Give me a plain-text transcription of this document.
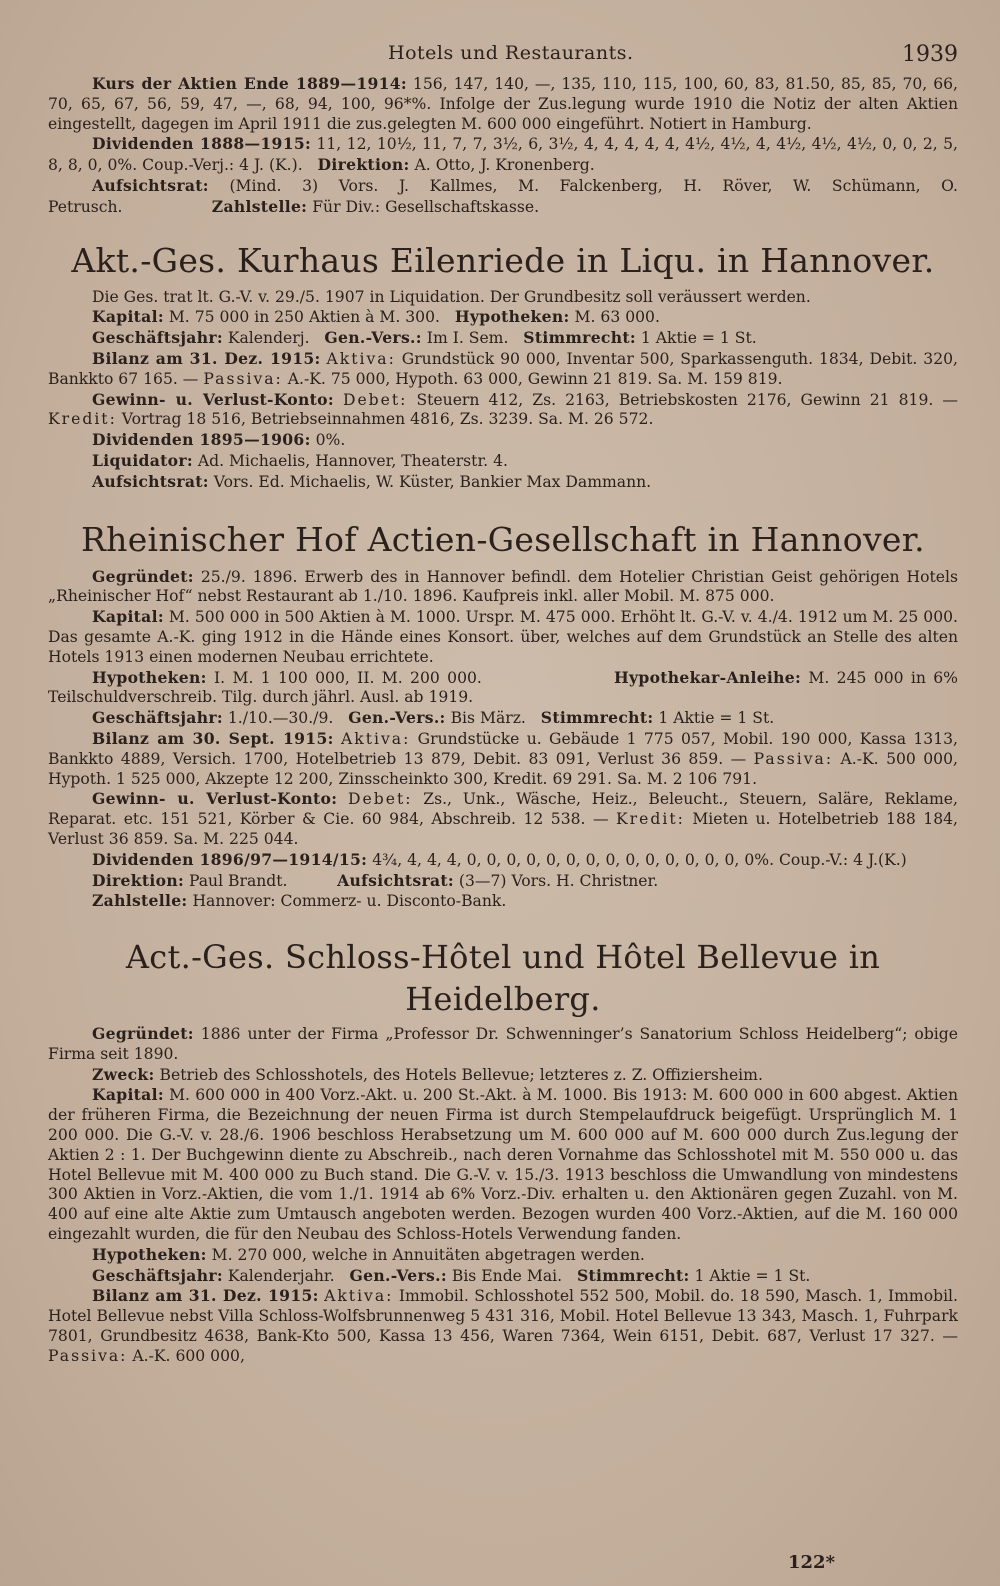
Hotels und Restaurants.	1939

Kurs der Aktien Ende 1889—1914: 156, 147, 140, —, 135, 110, 115, 100, 60, 83, 81.50, 85, 85, 70, 66, 70, 65, 67, 56, 59, 47, —, 68, 94, 100, 96*%. Infolge der Zus.legung wurde 1910 die Notiz der alten Aktien eingestellt, dagegen im April 1911 die zus.gelegten M. 600 000 eingeführt. Notiert in Hamburg.

Dividenden 1888—1915: 11, 12, 10½, 11, 7, 7, 3½, 6, 3½, 4, 4, 4, 4, 4, 4½, 4½, 4, 4½, 4½, 4½, 0, 0, 2, 5, 8, 8, 0, 0%. Coup.-Verj.: 4 J. (K.). Direktion: A. Otto, J. Kronenberg.

Aufsichtsrat: (Mind. 3) Vors. J. Kallmes, M. Falckenberg, H. Röver, W. Schümann, O. Petrusch.	Zahlstelle: Für Div.: Gesellschaftskasse.

Akt.-Ges. Kurhaus Eilenriede in Liqu. in Hannover.

Die Ges. trat lt. G.-V. v. 29./5. 1907 in Liquidation. Der Grundbesitz soll veräussert werden.

Kapital: M. 75 000 in 250 Aktien à M. 300. Hypotheken: M. 63 000.

Geschäftsjahr: Kalenderj. Gen.-Vers.: Im I. Sem. Stimmrecht: 1 Aktie = 1 St.

Bilanz am 31. Dez. 1915: Aktiva: Grundstück 90 000, Inventar 500, Sparkassenguth. 1834, Debit. 320, Bankkto 67 165. — Passiva: A.-K. 75 000, Hypoth. 63 000, Gewinn 21 819. Sa. M. 159 819.

Gewinn- u. Verlust-Konto: Debet: Steuern 412, Zs. 2163, Betriebskosten 2176, Gewinn 21 819. — Kredit: Vortrag 18 516, Betriebseinnahmen 4816, Zs. 3239. Sa. M. 26 572.

Dividenden 1895—1906: 0%.

Liquidator: Ad. Michaelis, Hannover, Theaterstr. 4.

Aufsichtsrat: Vors. Ed. Michaelis, W. Küster, Bankier Max Dammann.

Rheinischer Hof Actien-Gesellschaft in Hannover.

Gegründet: 25./9. 1896. Erwerb des in Hannover befindl. dem Hotelier Christian Geist gehörigen Hotels „Rheinischer Hof“ nebst Restaurant ab 1./10. 1896. Kaufpreis inkl. aller Mobil. M. 875 000.

Kapital: M. 500 000 in 500 Aktien à M. 1000. Urspr. M. 475 000. Erhöht lt. G.-V. v. 4./4. 1912 um M. 25 000. Das gesamte A.-K. ging 1912 in die Hände eines Konsort. über, welches auf dem Grundstück an Stelle des alten Hotels 1913 einen modernen Neubau errichtete.

Hypotheken: I. M. 1 100 000, II. M. 200 000.	Hypothekar-Anleihe: M. 245 000 in 6% Teilschuldverschreib. Tilg. durch jährl. Ausl. ab 1919.

Geschäftsjahr: 1./10.—30./9. Gen.-Vers.: Bis März. Stimmrecht: 1 Aktie = 1 St.

Bilanz am 30. Sept. 1915: Aktiva: Grundstücke u. Gebäude 1 775 057, Mobil. 190 000, Kassa 1313, Bankkto 4889, Versich. 1700, Hotelbetrieb 13 879, Debit. 83 091, Verlust 36 859. — Passiva: A.-K. 500 000, Hypoth. 1 525 000, Akzepte 12 200, Zinsscheinkto 300, Kredit. 69 291. Sa. M. 2 106 791.

Gewinn- u. Verlust-Konto: Debet: Zs., Unk., Wäsche, Heiz., Beleucht., Steuern, Saläre, Reklame, Reparat. etc. 151 521, Körber & Cie. 60 984, Abschreib. 12 538. — Kredit: Mieten u. Hotelbetrieb 188 184, Verlust 36 859. Sa. M. 225 044.

Dividenden 1896/97—1914/15: 4¾, 4, 4, 4, 0, 0, 0, 0, 0, 0, 0, 0, 0, 0, 0, 0, 0, 0, 0%. Coup.-V.: 4 J.(K.)

Direktion: Paul Brandt.	Aufsichtsrat: (3—7) Vors. H. Christner.

Zahlstelle: Hannover: Commerz- u. Disconto-Bank.

Act.-Ges. Schloss-Hôtel und Hôtel Bellevue in Heidelberg.

Gegründet: 1886 unter der Firma „Professor Dr. Schwenninger’s Sanatorium Schloss Heidelberg“; obige Firma seit 1890.

Zweck: Betrieb des Schlosshotels, des Hotels Bellevue; letzteres z. Z. Offiziersheim.

Kapital: M. 600 000 in 400 Vorz.-Akt. u. 200 St.-Akt. à M. 1000. Bis 1913: M. 600 000 in 600 abgest. Aktien der früheren Firma, die Bezeichnung der neuen Firma ist durch Stempelaufdruck beigefügt. Ursprünglich M. 1 200 000. Die G.-V. v. 28./6. 1906 beschloss Herabsetzung um M. 600 000 auf M. 600 000 durch Zus.legung der Aktien 2 : 1. Der Buchgewinn diente zu Abschreib., nach deren Vornahme das Schlosshotel mit M. 550 000 u. das Hotel Bellevue mit M. 400 000 zu Buch stand. Die G.-V. v. 15./3. 1913 beschloss die Umwandlung von mindestens 300 Aktien in Vorz.-Aktien, die vom 1./1. 1914 ab 6% Vorz.-Div. erhalten u. den Aktionären gegen Zuzahl. von M. 400 auf eine alte Aktie zum Umtausch angeboten werden. Bezogen wurden 400 Vorz.-Aktien, auf die M. 160 000 eingezahlt wurden, die für den Neubau des Schloss-Hotels Verwendung fanden.

Hypotheken: M. 270 000, welche in Annuitäten abgetragen werden.

Geschäftsjahr: Kalenderjahr. Gen.-Vers.: Bis Ende Mai. Stimmrecht: 1 Aktie = 1 St.

Bilanz am 31. Dez. 1915: Aktiva: Immobil. Schlosshotel 552 500, Mobil. do. 18 590, Masch. 1, Immobil. Hotel Bellevue nebst Villa Schloss-Wolfsbrunnenweg 5 431 316, Mobil. Hotel Bellevue 13 343, Masch. 1, Fuhrpark 7801, Grundbesitz 4638, Bank-Kto 500, Kassa 13 456, Waren 7364, Wein 6151, Debit. 687, Verlust 17 327. — Passiva: A.-K. 600 000,

122*
